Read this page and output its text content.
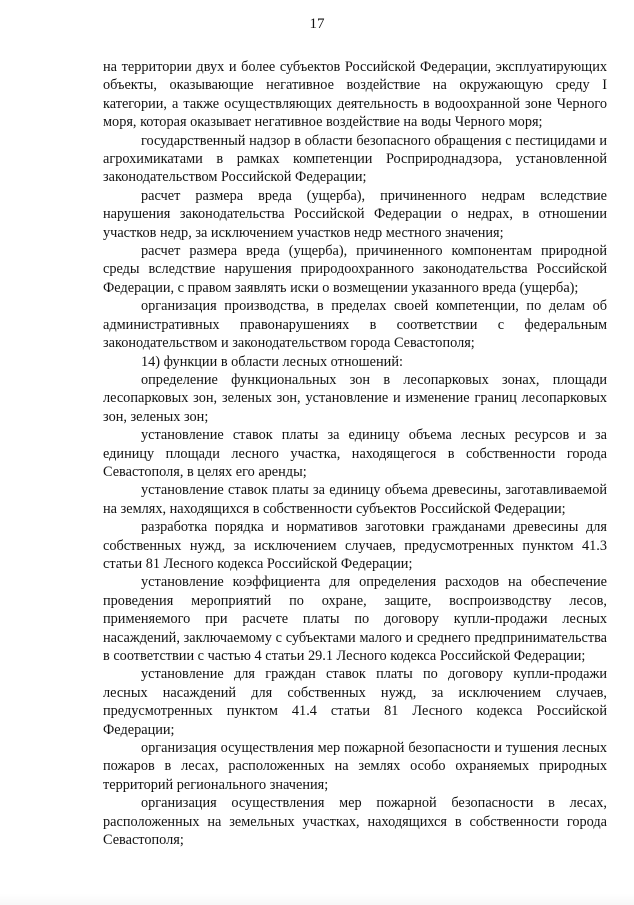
17

на территории двух и более субъектов Российской Федерации, эксплуатирующих объекты, оказывающие негативное воздействие на окружающую среду I категории, а также осуществляющих деятельность в водоохранной зоне Черного моря, которая оказывает негативное воздействие на воды Черного моря;

государственный надзор в области безопасного обращения с пестицидами и агрохимикатами в рамках компетенции Росприроднадзора, установленной законодательством Российской Федерации;

расчет размера вреда (ущерба), причиненного недрам вследствие нарушения законодательства Российской Федерации о недрах, в отношении участков недр, за исключением участков недр местного значения;

расчет размера вреда (ущерба), причиненного компонентам природной среды вследствие нарушения природоохранного законодательства Российской Федерации, с правом заявлять иски о возмещении указанного вреда (ущерба);

организация производства, в пределах своей компетенции, по делам об административных правонарушениях в соответствии с федеральным законодательством и законодательством города Севастополя;

14) функции в области лесных отношений:

определение функциональных зон в лесопарковых зонах, площади лесопарковых зон, зеленых зон, установление и изменение границ лесопарковых зон, зеленых зон;

установление ставок платы за единицу объема лесных ресурсов и за единицу площади лесного участка, находящегося в собственности города Севастополя, в целях его аренды;

установление ставок платы за единицу объема древесины, заготавливаемой на землях, находящихся в собственности субъектов Российской Федерации;

разработка порядка и нормативов заготовки гражданами древесины для собственных нужд, за исключением случаев, предусмотренных пунктом 41.3 статьи 81 Лесного кодекса Российской Федерации;

установление коэффициента для определения расходов на обеспечение проведения мероприятий по охране, защите, воспроизводству лесов, применяемого при расчете платы по договору купли-продажи лесных насаждений, заключаемому с субъектами малого и среднего предпринимательства в соответствии с частью 4 статьи 29.1 Лесного кодекса Российской Федерации;

установление для граждан ставок платы по договору купли-продажи лесных насаждений для собственных нужд, за исключением случаев, предусмотренных пунктом 41.4 статьи 81 Лесного кодекса Российской Федерации;

организация осуществления мер пожарной безопасности и тушения лесных пожаров в лесах, расположенных на землях особо охраняемых природных территорий регионального значения;

организация осуществления мер пожарной безопасности в лесах, расположенных на земельных участках, находящихся в собственности города Севастополя;
